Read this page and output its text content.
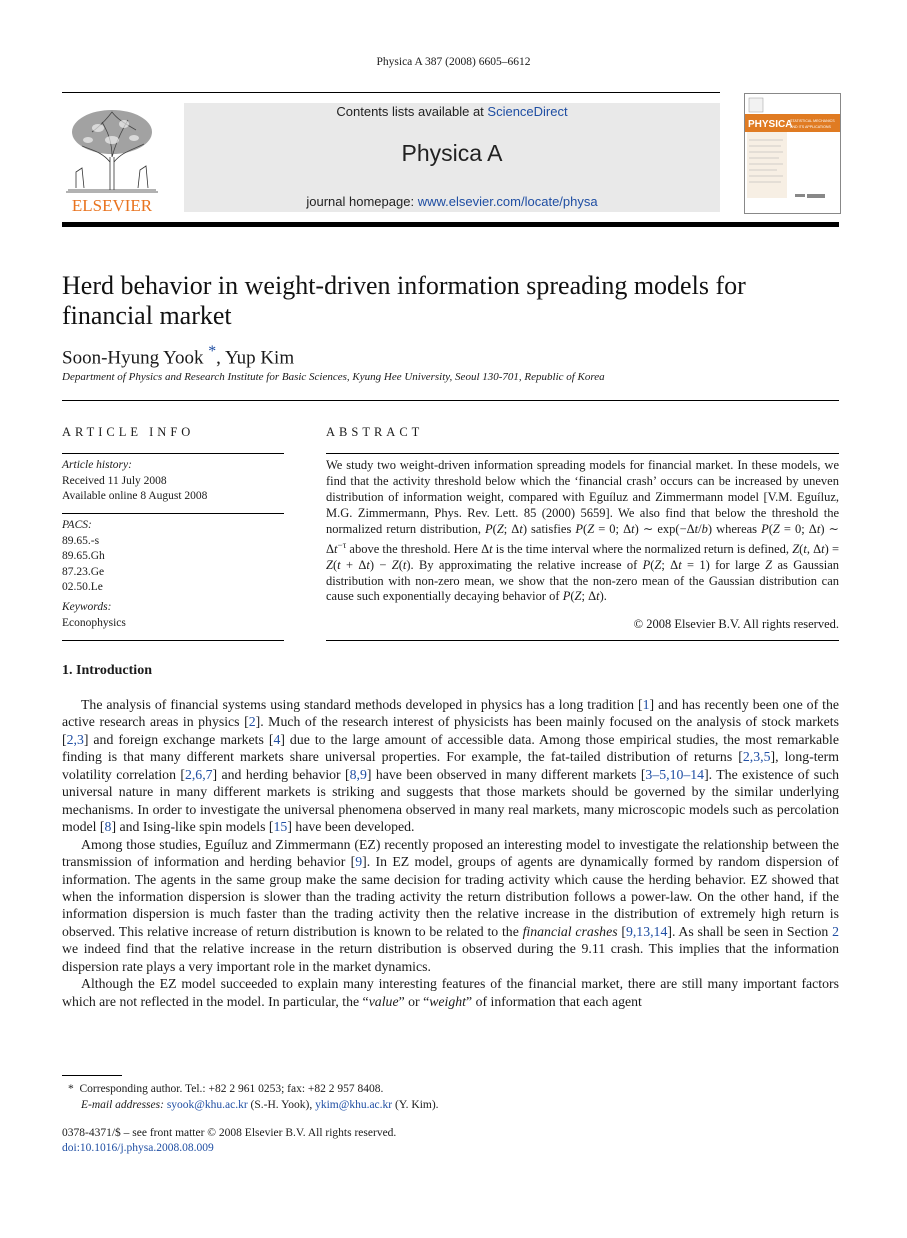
Physica A 387 (2008) 6605–6612
ELSEVIER
Contents lists available at ScienceDirect
Physica A
journal homepage: www.elsevier.com/locate/physa
PHYSICA
STATISTICAL MECHANICS
AND ITS APPLICATIONS
Herd behavior in weight-driven information spreading models for
financial market
Soon-Hyung Yook *, Yup Kim
Department of Physics and Research Institute for Basic Sciences, Kyung Hee University, Seoul 130-701, Republic of Korea
ARTICLE INFO
Article history:
Received 11 July 2008
Available online 8 August 2008
PACS:
89.65.-s
89.65.Gh
87.23.Ge
02.50.Le
Keywords:
Econophysics
ABSTRACT
We study two weight-driven information spreading models for financial market. In these models, we find that the activity threshold below which the ‘financial crash’ occurs can be increased by uneven distribution of information weight, compared with Eguíluz and Zimmermann model [V.M. Eguíluz, M.G. Zimmermann, Phys. Rev. Lett. 85 (2000) 5659]. We also find that below the threshold the normalized return distribution, P(Z; Δt) satisfies P(Z = 0; Δt) ∼ exp(−Δt/b) whereas P(Z = 0; Δt) ∼ $\Delta t^{-\tau}$ above the threshold. Here Δt is the time interval where the normalized return is defined, Z(t, Δt) = Z(t + Δt) − Z(t). By approximating the relative increase of P(Z; Δt = 1) for large Z as Gaussian distribution with non-zero mean, we show that the non-zero mean of the Gaussian distribution can cause such exponentially decaying behavior of P(Z; Δt).
© 2008 Elsevier B.V. All rights reserved.
1. Introduction

The analysis of financial systems using standard methods developed in physics has a long tradition [1] and has recently been one of the active research areas in physics [2]. Much of the research interest of physicists has been mainly focused on the analysis of stock markets [2,3] and foreign exchange markets [4] due to the large amount of accessible data. Among those empirical studies, the most remarkable finding is that many different markets share universal properties. For example, the fat-tailed distribution of returns [2,3,5], long-term volatility correlation [2,6,7] and herding behavior [8,9] have been observed in many different markets [3–5,10–14]. The existence of such universal nature in many different markets is striking and suggests that those markets should be governed by the similar underlying mechanisms. In order to investigate the universal phenomena observed in many real markets, many microscopic models such as percolation model [8] and Ising-like spin models [15] have been developed.

Among those studies, Eguíluz and Zimmermann (EZ) recently proposed an interesting model to investigate the relationship between the transmission of information and herding behavior [9]. In EZ model, groups of agents are dynamically formed by random dispersion of information. The agents in the same group make the same decision for trading activity which cause the herding behavior. EZ showed that when the information dispersion is slower than the trading activity the return distribution follows a power-law. On the other hand, if the information dispersion is much faster than the trading activity then the relative increase in the distribution of extremely high return is observed. This relative increase of return distribution is known to be related to the financial crashes [9,13,14]. As shall be seen in Section 2 we indeed find that the relative increase in the return distribution is observed during the 9.11 crash. This implies that the information dispersion rate plays a very important role in the market dynamics.

Although the EZ model succeeded to explain many interesting features of the financial market, there are still many important factors which are not reflected in the model. In particular, the “value” or “weight” of information that each agent

* Corresponding author. Tel.: +82 2 961 0253; fax: +82 2 957 8408.
E-mail addresses: syook@khu.ac.kr (S.-H. Yook), ykim@khu.ac.kr (Y. Kim).
0378-4371/$ – see front matter © 2008 Elsevier B.V. All rights reserved.
doi:10.1016/j.physa.2008.08.009
